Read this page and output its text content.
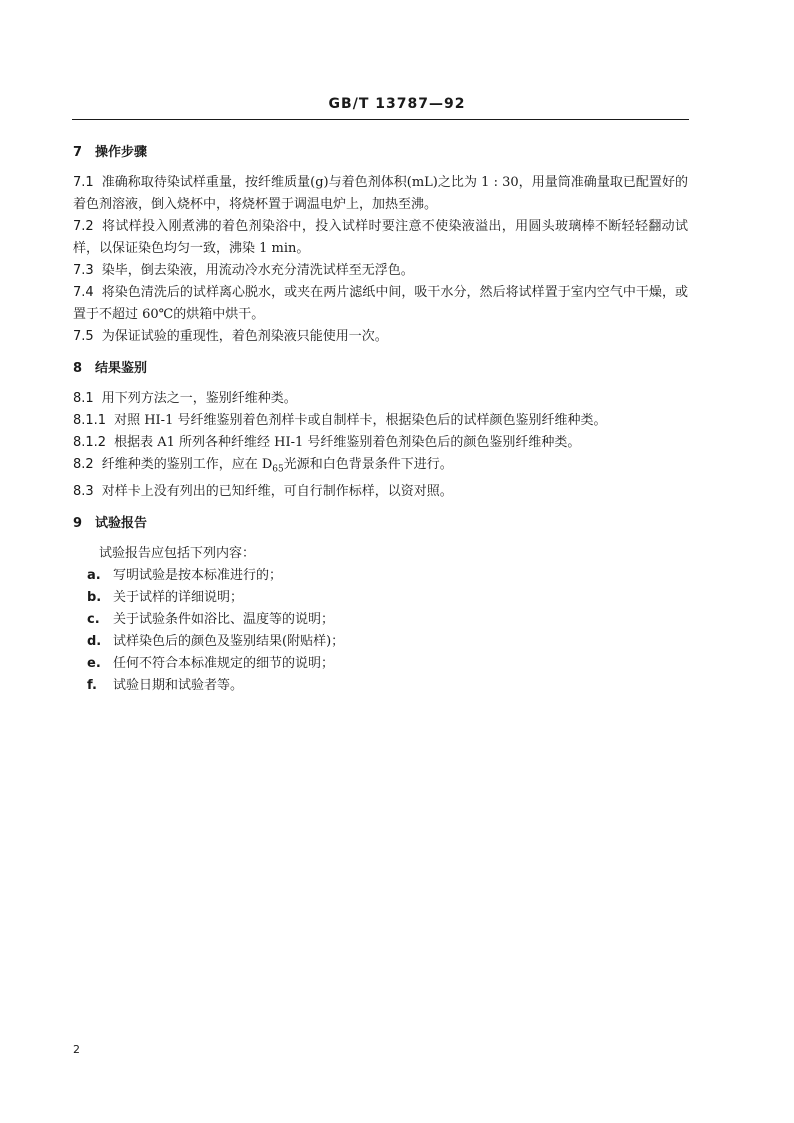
GB/T 13787—92
7 操作步骤

7.1 准确称取待染试样重量，按纤维质量(g)与着色剂体积(mL)之比为 1 : 30，用量筒准确量取已配置好的着色剂溶液，倒入烧杯中，将烧杯置于调温电炉上，加热至沸。

7.2 将试样投入刚煮沸的着色剂染浴中，投入试样时要注意不使染液溢出，用圆头玻璃棒不断轻轻翻动试样，以保证染色均匀一致，沸染 1 min。

7.3 染毕，倒去染液，用流动冷水充分清洗试样至无浮色。

7.4 将染色清洗后的试样离心脱水，或夹在两片滤纸中间，吸干水分，然后将试样置于室内空气中干燥，或置于不超过 60℃的烘箱中烘干。

7.5 为保证试验的重现性，着色剂染液只能使用一次。

8 结果鉴别

8.1 用下列方法之一，鉴别纤维种类。

8.1.1 对照 HI-1 号纤维鉴别着色剂样卡或自制样卡，根据染色后的试样颜色鉴别纤维种类。

8.1.2 根据表 A1 所列各种纤维经 HI-1 号纤维鉴别着色剂染色后的颜色鉴别纤维种类。

8.2 纤维种类的鉴别工作，应在 $D_{65}$光源和白色背景条件下进行。

8.3 对样卡上没有列出的已知纤维，可自行制作标样，以资对照。

9 试验报告

试验报告应包括下列内容：

a. 写明试验是按本标准进行的；

b. 关于试样的详细说明；

c. 关于试验条件如浴比、温度等的说明；

d. 试样染色后的颜色及鉴别结果(附贴样)；

e. 任何不符合本标准规定的细节的说明；

f. 试验日期和试验者等。

2
